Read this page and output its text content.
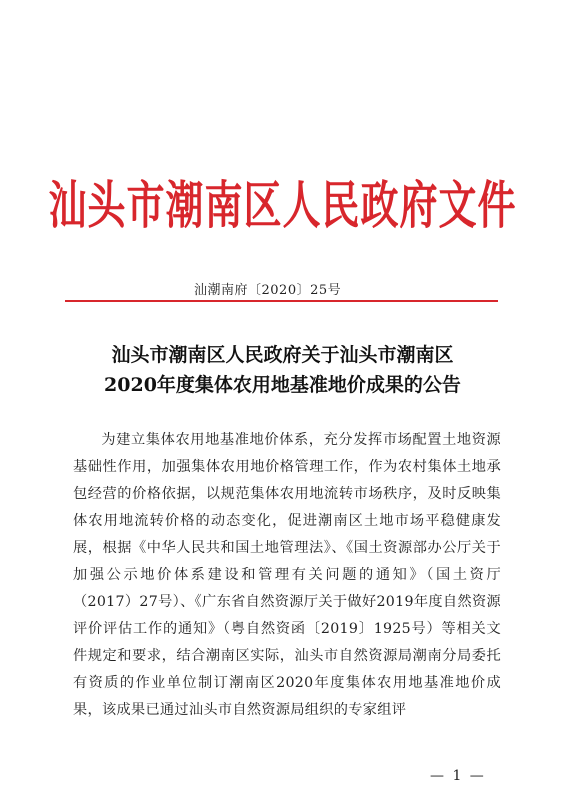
汕头市潮南区人民政府文件
汕潮南府〔2020〕25号
汕头市潮南区人民政府关于汕头市潮南区
2020年度集体农用地基准地价成果的公告
为建立集体农用地基准地价体系，充分发挥市场配置土地资源基础性作用，加强集体农用地价格管理工作，作为农村集体土地承包经营的价格依据，以规范集体农用地流转市场秩序，及时反映集体农用地流转价格的动态变化，促进潮南区土地市场平稳健康发展，根据《中华人民共和国土地管理法》、《国土资源部办公厅关于加强公示地价体系建设和管理有关问题的通知》（国土资厅（2017）27号）、《广东省自然资源厅关于做好2019年度自然资源评价评估工作的通知》（粤自然资函〔2019〕1925号）等相关文件规定和要求，结合潮南区实际，汕头市自然资源局潮南分局委托有资质的作业单位制订潮南区2020年度集体农用地基准地价成果，该成果已通过汕头市自然资源局组织的专家组评
— 1 —
